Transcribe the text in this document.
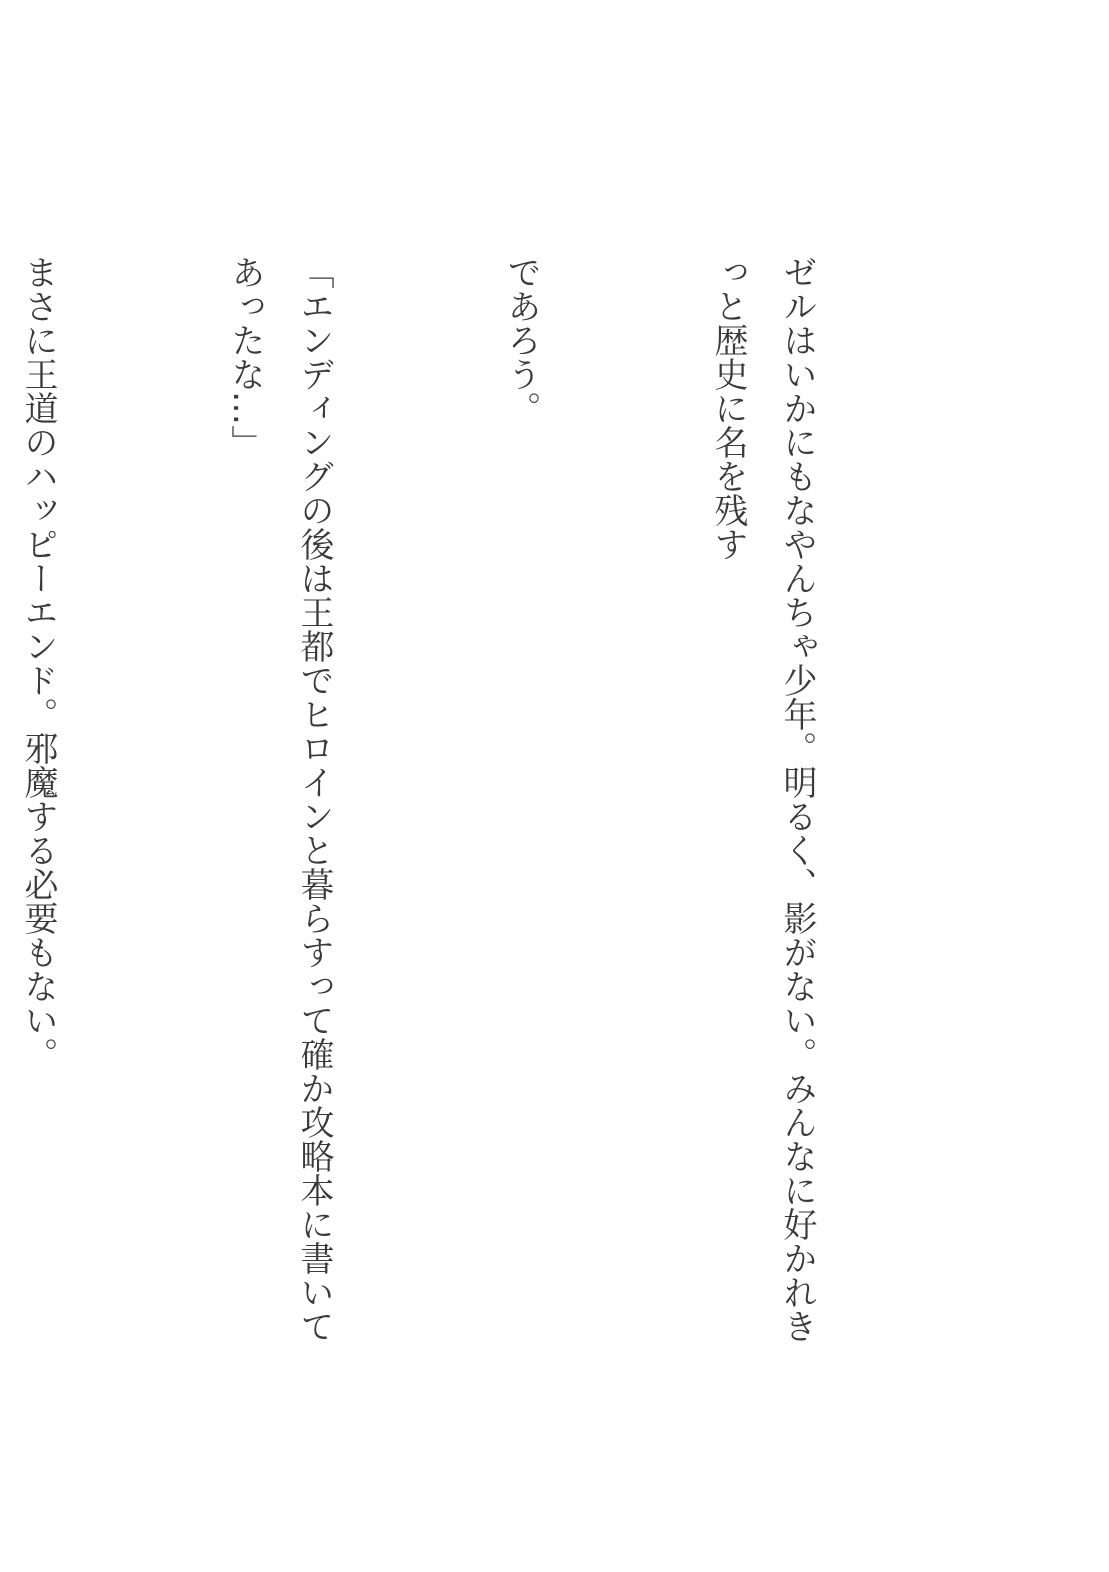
ゼルはいかにもなやんちゃ少年。明るく、影がない。みんなに好かれきっと歴史に名を残す

であろう。

「エンディングの後は王都でヒロインと暮らすって確か攻略本に書いてあったな…」

まさに王道のハッピーエンド。邪魔する必要もない。
